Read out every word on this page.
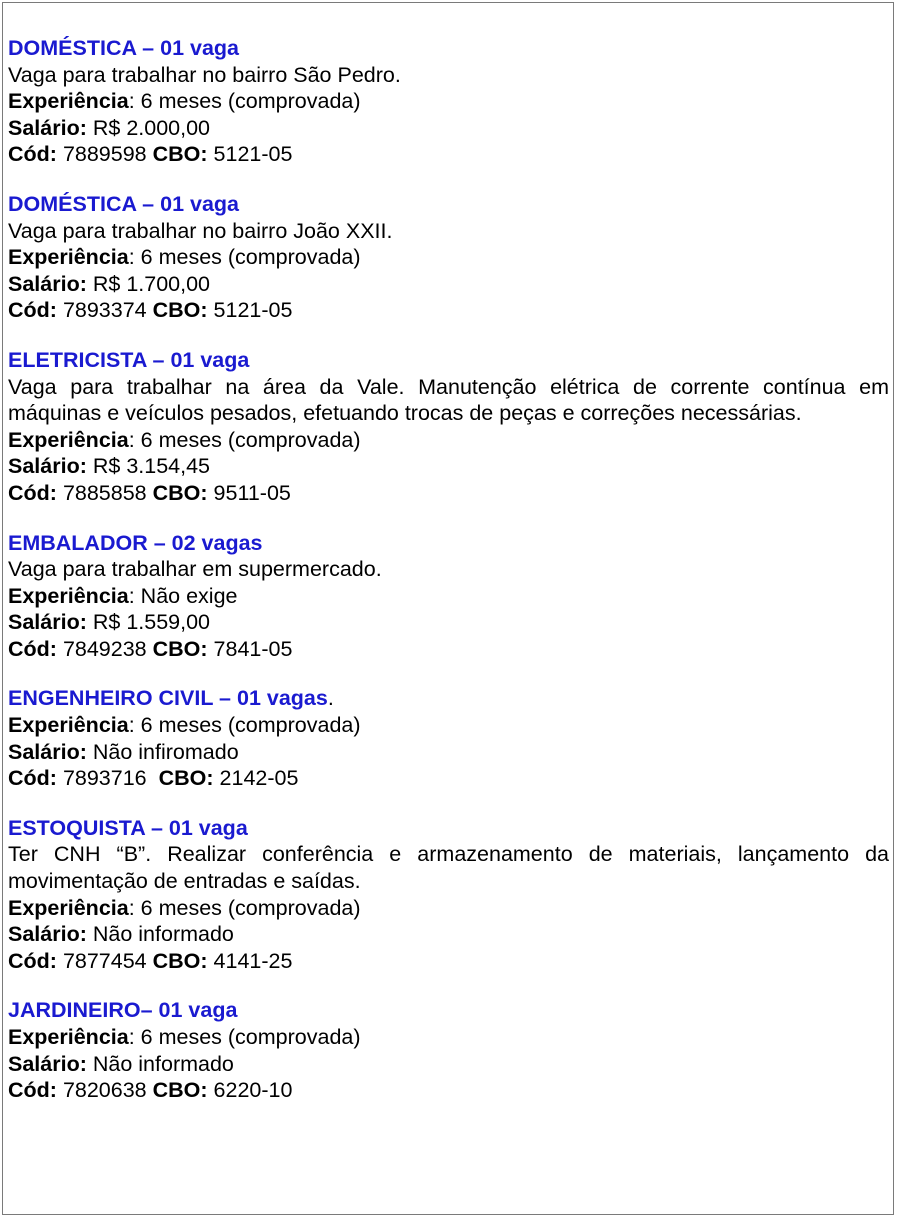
DOMÉSTICA – 01 vaga
Vaga para trabalhar no bairro São Pedro.
Experiência: 6 meses (comprovada)
Salário: R$ 2.000,00
Cód: 7889598 CBO: 5121-05
DOMÉSTICA – 01 vaga
Vaga para trabalhar no bairro João XXII.
Experiência: 6 meses (comprovada)
Salário: R$ 1.700,00
Cód: 7893374 CBO: 5121-05
ELETRICISTA – 01 vaga
Vaga para trabalhar na área da Vale. Manutenção elétrica de corrente contínua em máquinas e veículos pesados, efetuando trocas de peças e correções necessárias.
Experiência: 6 meses (comprovada)
Salário: R$ 3.154,45
Cód: 7885858 CBO: 9511-05
EMBALADOR – 02 vagas
Vaga para trabalhar em supermercado.
Experiência: Não exige
Salário: R$ 1.559,00
Cód: 7849238 CBO: 7841-05
ENGENHEIRO CIVIL – 01 vagas.
Experiência: 6 meses (comprovada)
Salário: Não infiromado
Cód: 7893716  CBO: 2142-05
ESTOQUISTA – 01 vaga
Ter CNH “B”. Realizar conferência e armazenamento de materiais, lançamento da movimentação de entradas e saídas.
Experiência: 6 meses (comprovada)
Salário: Não informado
Cód: 7877454 CBO: 4141-25
JARDINEIRO– 01 vaga
Experiência: 6 meses (comprovada)
Salário: Não informado
Cód: 7820638 CBO: 6220-10
